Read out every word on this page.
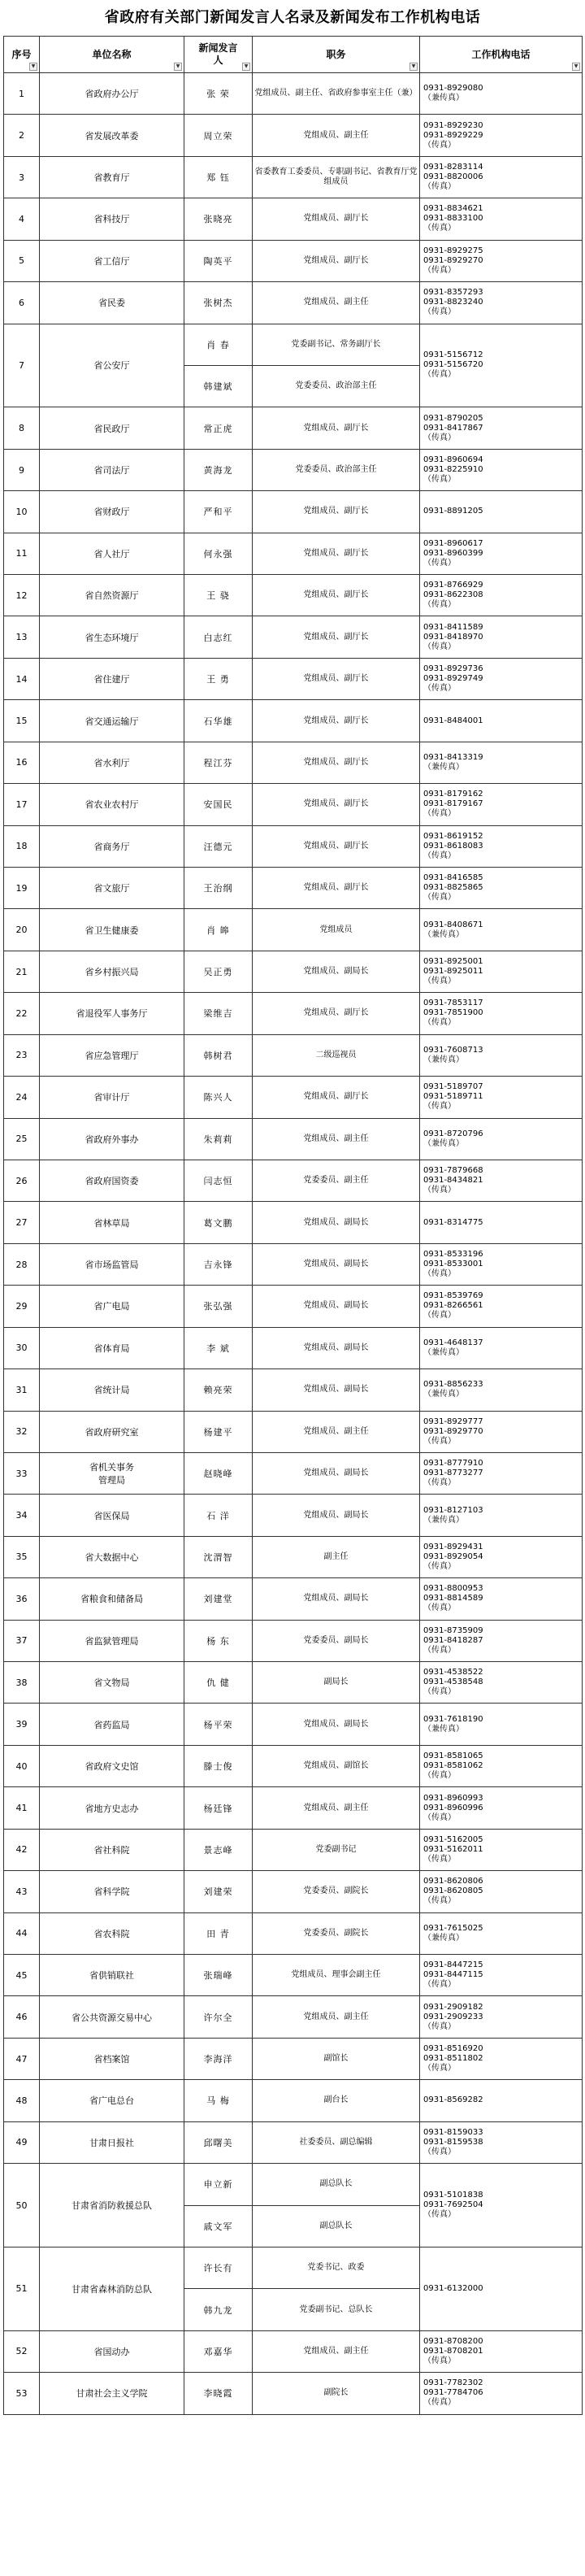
省政府有关部门新闻发言人名录及新闻发布工作机构电话
序号
▼	单位名称
▼	新闻发言人
▼	职务
▼	工作机构电话
▼

1	省政府办公厅	张 荣	党组成员、副主任、省政府参事室主任（兼）	0931-8929080
（兼传真）
2	省发展改革委	周立荣	党组成员、副主任	0931-8929230
0931-8929229
（传真）
3	省教育厅	郑 钰	省委教育工委委员、专职副书记、省教育厅党组成员	0931-8283114
0931-8820006
（传真）
4	省科技厅	张晓亮	党组成员、副厅长	0931-8834621
0931-8833100
（传真）
5	省工信厅	陶英平	党组成员、副厅长	0931-8929275
0931-8929270
（传真）
6	省民委	张树杰	党组成员、副主任	0931-8357293
0931-8823240
（传真）
7	省公安厅	肖 春	党委副书记、常务副厅长	0931-5156712
0931-5156720
（传真）
		韩建斌	党委委员、政治部主任	
8	省民政厅	常正虎	党组成员、副厅长	0931-8790205
0931-8417867
（传真）
9	省司法厅	黄海龙	党委委员、政治部主任	0931-8960694
0931-8225910
（传真）
10	省财政厅	严和平	党组成员、副厅长	0931-8891205
11	省人社厅	何永强	党组成员、副厅长	0931-8960617
0931-8960399
（传真）
12	省自然资源厅	王 骁	党组成员、副厅长	0931-8766929
0931-8622308
（传真）
13	省生态环境厅	白志红	党组成员、副厅长	0931-8411589
0931-8418970
（传真）
14	省住建厅	王 勇	党组成员、副厅长	0931-8929736
0931-8929749
（传真）
15	省交通运输厅	石华雄	党组成员、副厅长	0931-8484001
16	省水利厅	程江芬	党组成员、副厅长	0931-8413319
（兼传真）
17	省农业农村厅	安国民	党组成员、副厅长	0931-8179162
0931-8179167
（传真）
18	省商务厅	汪德元	党组成员、副厅长	0931-8619152
0931-8618083
（传真）
19	省文旅厅	王治纲	党组成员、副厅长	0931-8416585
0931-8825865
（传真）
20	省卫生健康委	肖 皞	党组成员	0931-8408671
（兼传真）
21	省乡村振兴局	吴正勇	党组成员、副局长	0931-8925001
0931-8925011
（传真）
22	省退役军人事务厅	梁维吉	党组成员、副厅长	0931-7853117
0931-7851900
（传真）
23	省应急管理厅	韩树君	二级巡视员	0931-7608713
（兼传真）
24	省审计厅	陈兴人	党组成员、副厅长	0931-5189707
0931-5189711
（传真）
25	省政府外事办	朱莉莉	党组成员、副主任	0931-8720796
（兼传真）
26	省政府国资委	闫志恒	党委委员、副主任	0931-7879668
0931-8434821
（传真）
27	省林草局	葛文鹏	党组成员、副局长	0931-8314775
28	省市场监管局	吉永锋	党组成员、副局长	0931-8533196
0931-8533001
（传真）
29	省广电局	张弘强	党组成员、副局长	0931-8539769
0931-8266561
（传真）
30	省体育局	李 斌	党组成员、副局长	0931-4648137
（兼传真）
31	省统计局	赖亮荣	党组成员、副局长	0931-8856233
（兼传真）
32	省政府研究室	杨建平	党组成员、副主任	0931-8929777
0931-8929770
（传真）
33	省机关事务
管理局	赵晓峰	党组成员、副局长	0931-8777910
0931-8773277
（传真）
34	省医保局	石 洋	党组成员、副局长	0931-8127103
（兼传真）
35	省大数据中心	沈渭智	副主任	0931-8929431
0931-8929054
（传真）
36	省粮食和储备局	刘建堂	党组成员、副局长	0931-8800953
0931-8814589
（传真）
37	省监狱管理局	杨 东	党委委员、副局长	0931-8735909
0931-8418287
（传真）
38	省文物局	仇 健	副局长	0931-4538522
0931-4538548
（传真）
39	省药监局	杨平荣	党组成员、副局长	0931-7618190
（兼传真）
40	省政府文史馆	滕士俊	党组成员、副馆长	0931-8581065
0931-8581062
（传真）
41	省地方史志办	杨廷锋	党组成员、副主任	0931-8960993
0931-8960996
（传真）
42	省社科院	景志峰	党委副书记	0931-5162005
0931-5162011
（传真）
43	省科学院	刘建荣	党委委员、副院长	0931-8620806
0931-8620805
（传真）
44	省农科院	田 青	党委委员、副院长	0931-7615025
（兼传真）
45	省供销联社	张瑞峰	党组成员、理事会副主任	0931-8447215
0931-8447115
（传真）
46	省公共资源交易中心	许尔全	党组成员、副主任	0931-2909182
0931-2909233
（传真）
47	省档案馆	李海洋	副馆长	0931-8516920
0931-8511802
（传真）
48	省广电总台	马 梅	副台长	0931-8569282
49	甘肃日报社	邱曙美	社委委员、副总编辑	0931-8159033
0931-8159538
（传真）
50	甘肃省消防救援总队	申立新	副总队长	0931-5101838
0931-7692504
（传真）
		戚文军	副总队长	
51	甘肃省森林消防总队	许长有	党委书记、政委	0931-6132000
		韩九龙	党委副书记、总队长	
52	省国动办	邓嘉华	党组成员、副主任	0931-8708200
0931-8708201
（传真）
53	甘肃社会主义学院	李晓霞	副院长	0931-7782302
0931-7784706
（传真）
